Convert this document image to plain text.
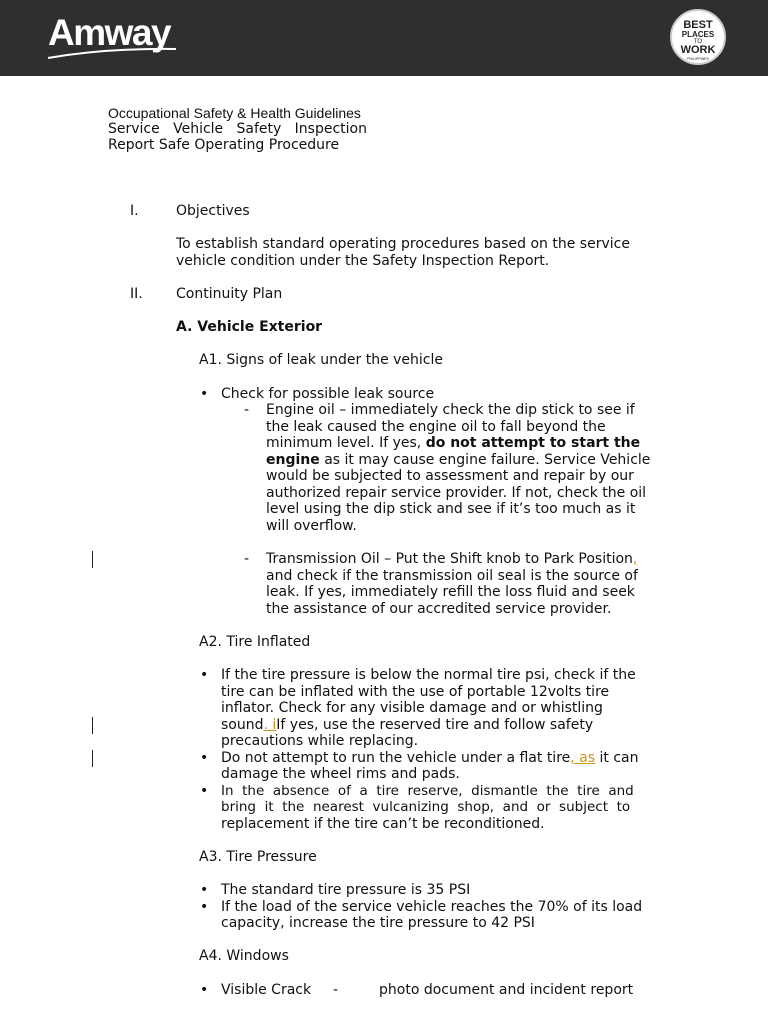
Amway	BEST
PLACES
TO
WORK
PHILIPPINES
Occupational Safety & Health Guidelines
Service   Vehicle   Safety   Inspection
Report Safe Operating Procedure
I.	Objectives
To establish standard operating procedures based on the service
vehicle condition under the Safety Inspection Report.
II. Continuity Plan
A. Vehicle Exterior
A1. Signs of leak under the vehicle
• Check for possible leak source
- Engine oil – immediately check the dip stick to see if
the leak caused the engine oil to fall beyond the
minimum level. If yes, do not attempt to start the
engine as it may cause engine failure. Service Vehicle
would be subjected to assessment and repair by our
authorized repair service provider. If not, check the oil
level using the dip stick and see if it’s too much as it
will overflow.
- Transmission Oil – Put the Shift knob to Park Position,
and check if the transmission oil seal is the source of
leak. If yes, immediately refill the loss fluid and seek
the assistance of our accredited service provider.
A2. Tire Inflated
• If the tire pressure is below the normal tire psi, check if the
tire can be inflated with the use of portable 12volts tire
inflator. Check for any visible damage and or whistling
sound. iIf yes, use the reserved tire and follow safety
precautions while replacing.
• Do not attempt to run the vehicle under a flat tire, as it can
damage the wheel rims and pads.
• In  the  absence  of  a  tire  reserve,  dismantle  the  tire  and
bring  it  the  nearest  vulcanizing  shop,  and  or  subject  to
replacement if the tire can’t be reconditioned.
A3. Tire Pressure
• The standard tire pressure is 35 PSI
• If the load of the service vehicle reaches the 70% of its load
capacity, increase the tire pressure to 42 PSI
A4. Windows
• Visible Crack -	photo document and incident report
